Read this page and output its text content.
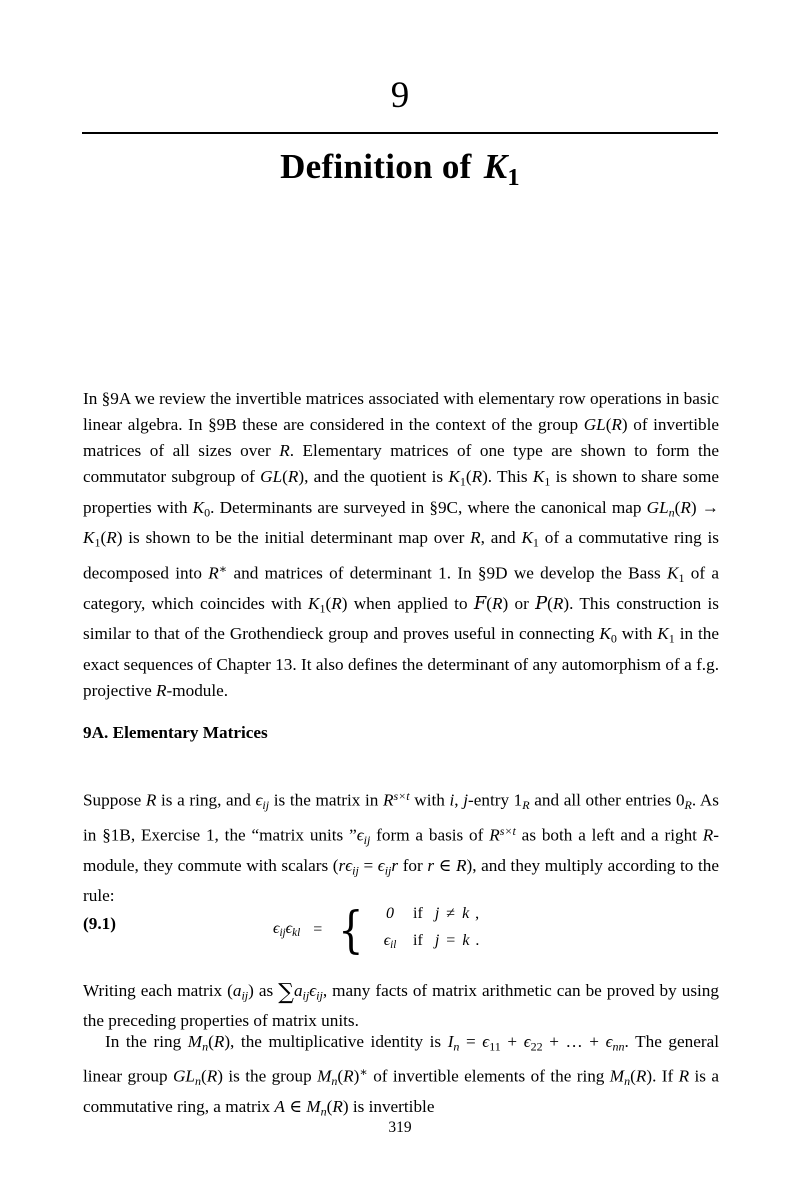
9
Definition of K1
In §9A we review the invertible matrices associated with elementary row operations in basic linear algebra. In §9B these are considered in the context of the group GL(R) of invertible matrices of all sizes over R. Elementary matrices of one type are shown to form the commutator subgroup of GL(R), and the quotient is K1(R). This K1 is shown to share some properties with K0. Determinants are surveyed in §9C, where the canonical map $GL_n(R) \to K1(R)$ is shown to be the initial determinant map over R, and K1 of a commutative ring is decomposed into R∗ and matrices of determinant 1. In §9D we develop the Bass K1 of a category, which coincides with K1(R) when applied to F(R) or P(R). This construction is similar to that of the Grothendieck group and proves useful in connecting K0 with K1 in the exact sequences of Chapter 13. It also defines the determinant of any automorphism of a f.g. projective R-module.
9A. Elementary Matrices
Suppose R is a ring, and $\epsilon_{ij}$ is the matrix in $R^{s\times t}$ with i, j-entry $1_R$ and all other entries $0_R$. As in §1B, Exercise 1, the “matrix units $”\epsilon_{ij}$ form a basis of $R^{s\times t}$ as both a left and a right R-module, they commute with scalars ($r\epsilon_{ij} = \epsilon_{ij}r$ for r ∈ R), and they multiply according to the rule:
(9.1)	$\epsilon_{ij}\epsilon_{kl}$ = {	0	if j ≠ k ,
$\epsilon_{il}$	if j = k .
Writing each matrix $(a_{ij})$ as $\sum a_{ij}\epsilon_{ij}$, many facts of matrix arithmetic can be proved by using the preceding properties of matrix units.
In the ring $M_n(R)$, the multiplicative identity is $I_n = \epsilon 11 + \epsilon 22$ + … + $\epsilon_{nn}$. The general linear group $GL_n(R)$ is the group $M_n(R)^∗$ of invertible elements of the ring $M_n(R)$. If R is a commutative ring, a matrix A ∈ $M_n(R)$ is invertible
319
